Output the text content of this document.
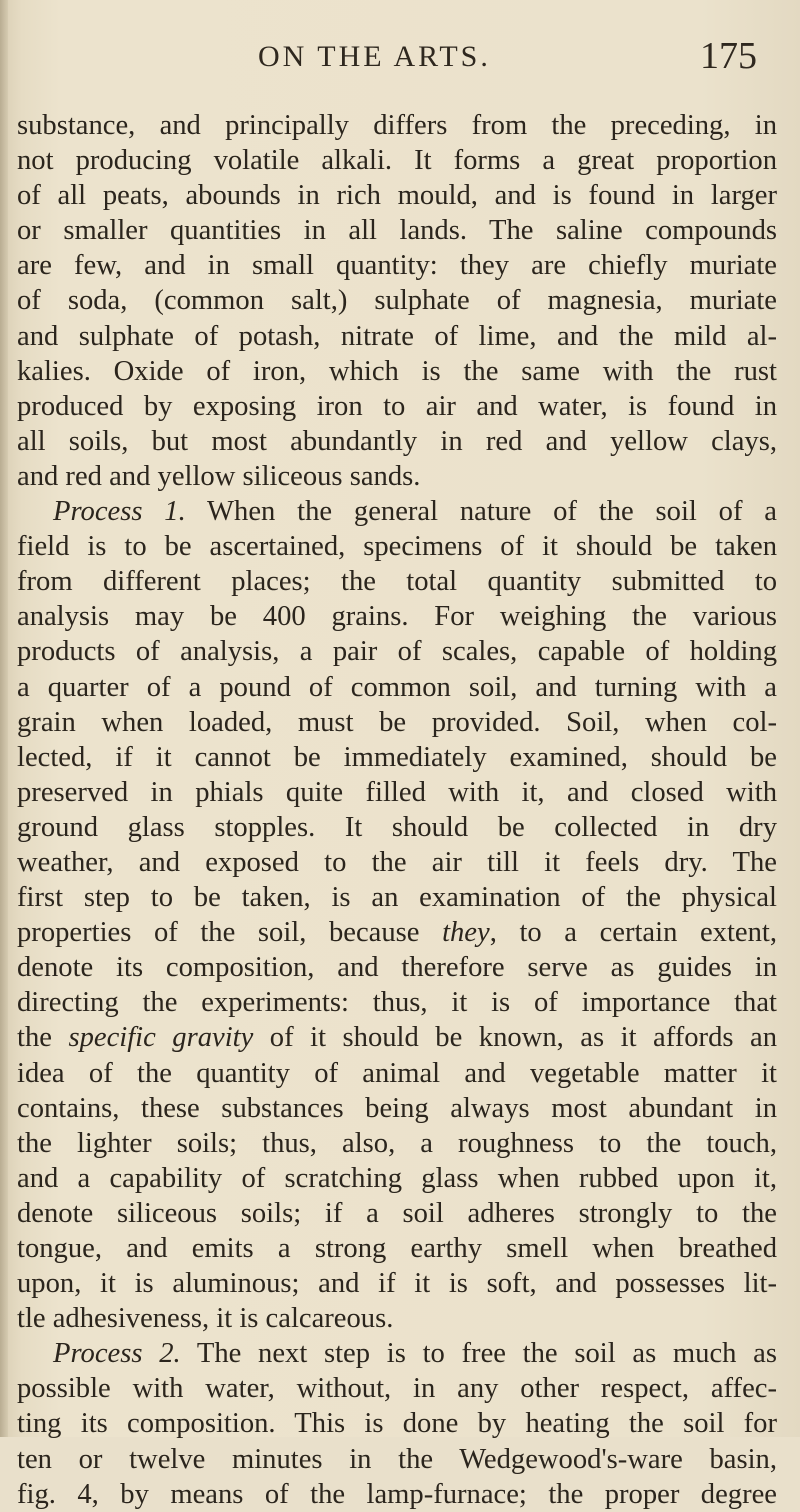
ON THE ARTS.	175
substance, and principally differs from the preceding, in
not producing volatile alkali. It forms a great proportion
of all peats, abounds in rich mould, and is found in larger
or smaller quantities in all lands. The saline compounds
are few, and in small quantity: they are chiefly muriate
of soda, (common salt,) sulphate of magnesia, muriate
and sulphate of potash, nitrate of lime, and the mild al-
kalies. Oxide of iron, which is the same with the rust
produced by exposing iron to air and water, is found in
all soils, but most abundantly in red and yellow clays,
and red and yellow siliceous sands.
Process 1. When the general nature of the soil of a
field is to be ascertained, specimens of it should be taken
from different places; the total quantity submitted to
analysis may be 400 grains. For weighing the various
products of analysis, a pair of scales, capable of holding
a quarter of a pound of common soil, and turning with a
grain when loaded, must be provided. Soil, when col-
lected, if it cannot be immediately examined, should be
preserved in phials quite filled with it, and closed with
ground glass stopples. It should be collected in dry
weather, and exposed to the air till it feels dry. The
first step to be taken, is an examination of the physical
properties of the soil, because they, to a certain extent,
denote its composition, and therefore serve as guides in
directing the experiments: thus, it is of importance that
the specific gravity of it should be known, as it affords an
idea of the quantity of animal and vegetable matter it
contains, these substances being always most abundant in
the lighter soils; thus, also, a roughness to the touch,
and a capability of scratching glass when rubbed upon it,
denote siliceous soils; if a soil adheres strongly to the
tongue, and emits a strong earthy smell when breathed
upon, it is aluminous; and if it is soft, and possesses lit-
tle adhesiveness, it is calcareous.
Process 2. The next step is to free the soil as much as
possible with water, without, in any other respect, affec-
ting its composition. This is done by heating the soil for
ten or twelve minutes in the Wedgewood's-ware basin,
fig. 4, by means of the lamp-furnace; the proper degree
